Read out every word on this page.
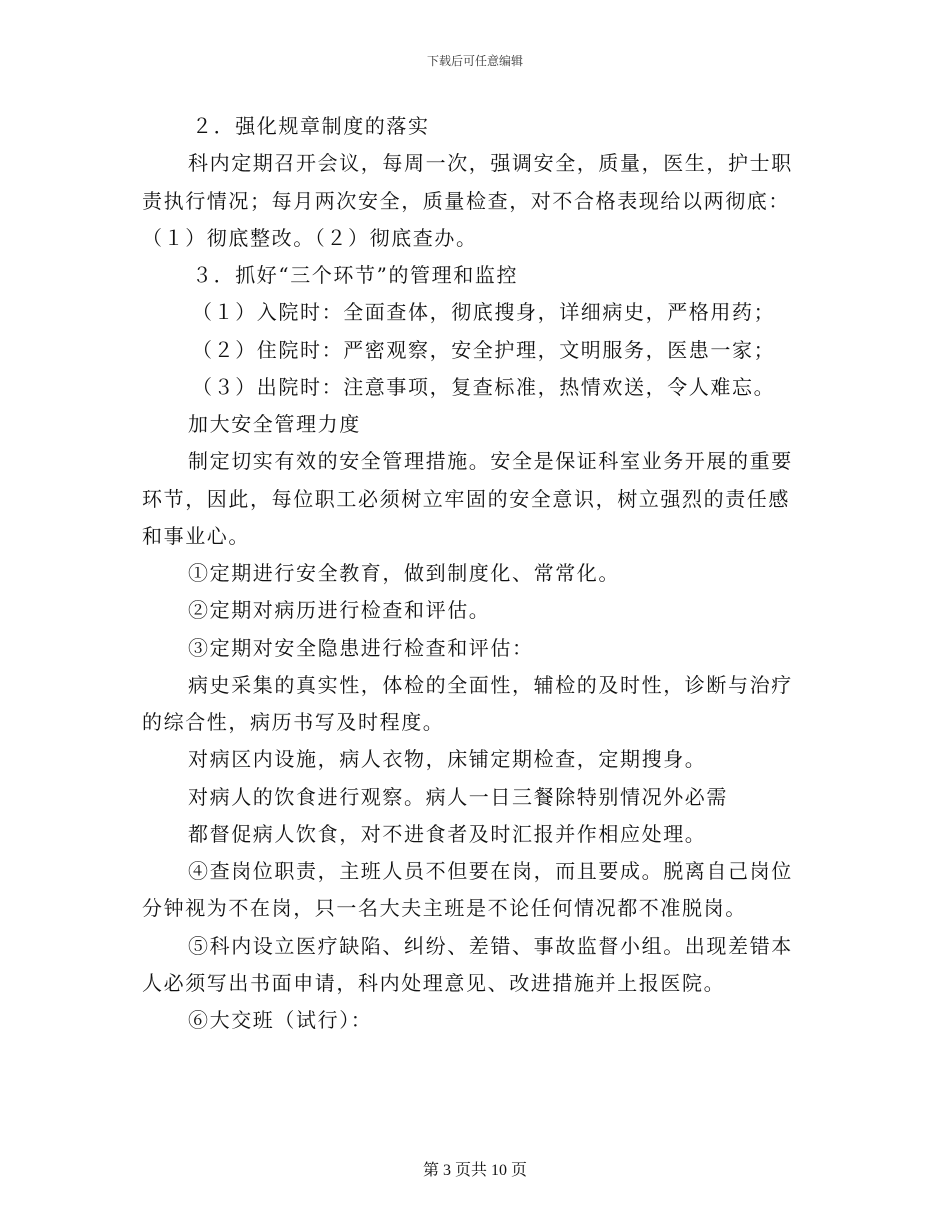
下载后可任意编辑
２．强化规章制度的落实
科内定期召开会议，每周一次，强调安全，质量，医生，护士职
责执行情况；每月两次安全，质量检查，对不合格表现给以两彻底：
（１）彻底整改。（２）彻底查办。
３．抓好“三个环节”的管理和监控
（１）入院时：全面查体，彻底搜身，详细病史，严格用药；
（２）住院时：严密观察，安全护理，文明服务，医患一家；
（３）出院时：注意事项，复查标准，热情欢送，令人难忘。
加大安全管理力度
制定切实有效的安全管理措施。安全是保证科室业务开展的重要
环节，因此，每位职工必须树立牢固的安全意识，树立强烈的责任感
和事业心。
①定期进行安全教育，做到制度化、常常化。
②定期对病历进行检查和评估。
③定期对安全隐患进行检查和评估：
病史采集的真实性，体检的全面性，辅检的及时性，诊断与治疗
的综合性，病历书写及时程度。
对病区内设施，病人衣物，床铺定期检查，定期搜身。
对病人的饮食进行观察。病人一日三餐除特别情况外必需
都督促病人饮食，对不进食者及时汇报并作相应处理。
④查岗位职责，主班人员不但要在岗，而且要成。脱离自己岗位
分钟视为不在岗，只一名大夫主班是不论任何情况都不准脱岗。
⑤科内设立医疗缺陷、纠纷、差错、事故监督小组。出现差错本
人必须写出书面申请，科内处理意见、改进措施并上报医院。
⑥大交班（试行）：
第 3 页共 10 页
